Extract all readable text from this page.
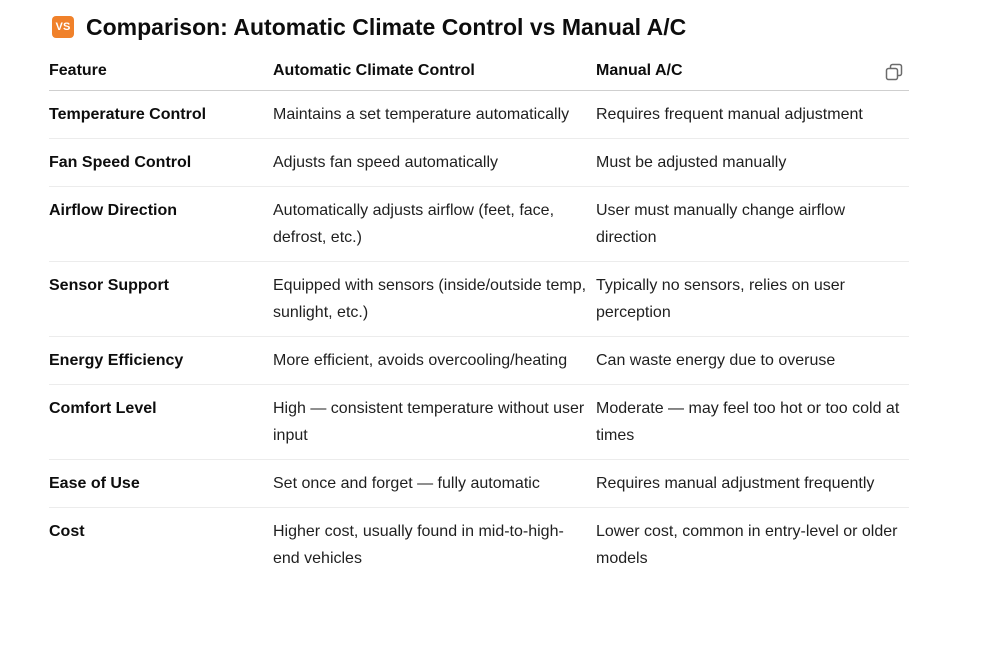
VS Comparison: Automatic Climate Control vs Manual A/C
Feature	Automatic Climate Control	Manual A/C
Temperature Control	Maintains a set temperature automatically	Requires frequent manual adjustment
Fan Speed Control	Adjusts fan speed automatically	Must be adjusted manually
Airflow Direction	Automatically adjusts airflow (feet, face, defrost, etc.)	User must manually change airflow direction
Sensor Support	Equipped with sensors (inside/outside temp, sunlight, etc.)	Typically no sensors, relies on user perception
Energy Efficiency	More efficient, avoids overcooling/heating	Can waste energy due to overuse
Comfort Level	High — consistent temperature without user input	Moderate — may feel too hot or too cold at times
Ease of Use	Set once and forget — fully automatic	Requires manual adjustment frequently
Cost	Higher cost, usually found in mid-to-high-end vehicles	Lower cost, common in entry-level or older models
